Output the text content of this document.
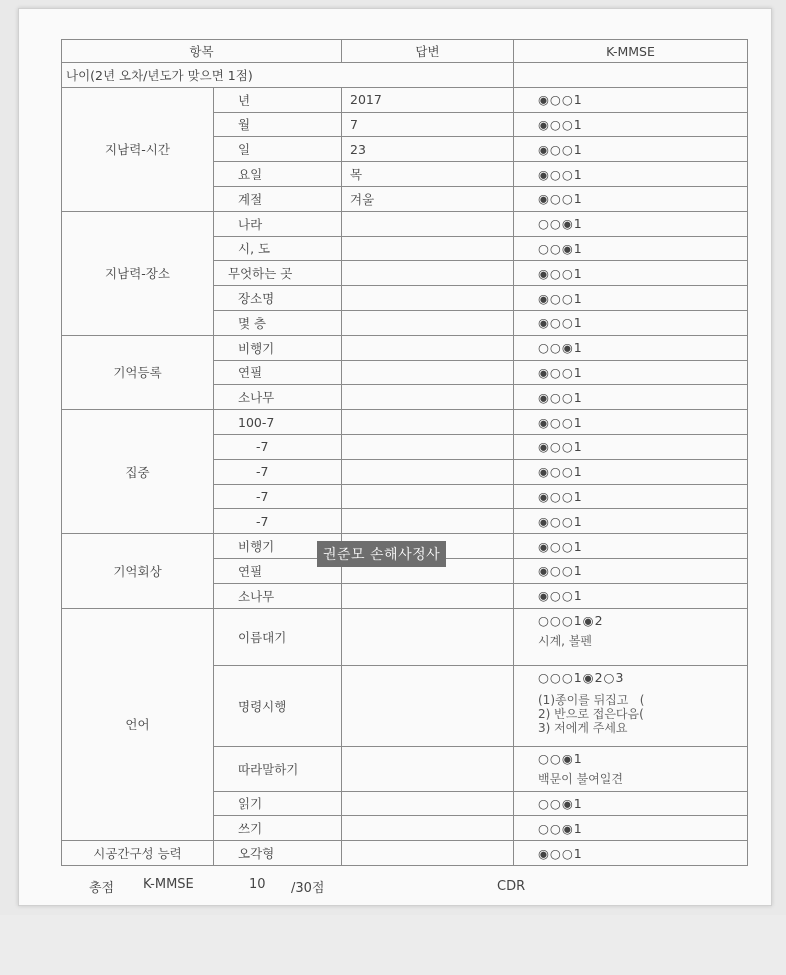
항목		답변	K-MMSE
나이(2년 오차/년도가 맞으면 1점)			
지남력-시간	년	2017	◉○○1
	월	7	◉○○1
	일	23	◉○○1
	요일	목	◉○○1
	계절	겨울	◉○○1
지남력-장소	나라		○○◉1
	시, 도		○○◉1
	무엇하는 곳		◉○○1
	장소명		◉○○1
	몇 층		◉○○1
기억등록	비행기		○○◉1
	연필		◉○○1
	소나무		◉○○1
집중	100-7		◉○○1
	-7		◉○○1
	-7		◉○○1
	-7		◉○○1
	-7		◉○○1
기억회상	비행기		◉○○1
	연필		◉○○1
	소나무		◉○○1
언어	이름대기		○○○1◉2
시계, 볼펜

	명령시행		○○○1◉2○3
(1)종이를 뒤집고   (
2) 반으로 접은다음(
3) 저에게 주세요

	따라말하기		○○◉1
백문이 불여일견

	읽기		○○◉1
	쓰기		○○◉1
시공간구성 능력	오각형		◉○○1
권준모 손해사정사
총점 K-MMSE	10 /30점	CDR
